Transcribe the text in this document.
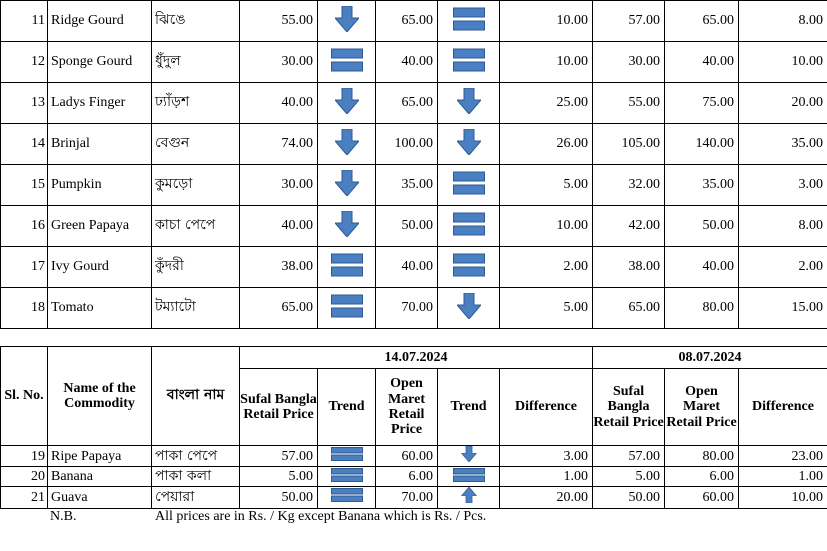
11	Ridge Gourd	ঝিঙে	55.00		65.00		10.00	57.00	65.00	8.00
12	Sponge Gourd	ধুঁদুল	30.00		40.00		10.00	30.00	40.00	10.00
13	Ladys Finger	ঢ্যাঁড়শ	40.00		65.00		25.00	55.00	75.00	20.00
14	Brinjal	বেগুন	74.00		100.00		26.00	105.00	140.00	35.00
15	Pumpkin	কুমড়ো	30.00		35.00		5.00	32.00	35.00	3.00
16	Green Papaya	কাচা পেপে	40.00		50.00		10.00	42.00	50.00	8.00
17	Ivy Gourd	কুঁদরী	38.00		40.00		2.00	38.00	40.00	2.00
18	Tomato	টম্যাটো	65.00		70.00		5.00	65.00	80.00	15.00
Sl. No.	Name of the Commodity	বাংলা নাম	14.07.2024					08.07.2024		
			Sufal Bangla Retail Price	Trend	Open Maret Retail Price	Trend	Difference	Sufal Bangla Retail Price	Open Maret Retail Price	Difference
19	Ripe Papaya	পাকা পেপে	57.00		60.00		3.00	57.00	80.00	23.00
20	Banana	পাকা কলা	5.00		6.00		1.00	5.00	6.00	1.00
21	Guava	পেয়ারা	50.00		70.00		20.00	50.00	60.00	10.00
N.B.	All prices are in Rs. / Kg except Banana which is Rs. / Pcs.
